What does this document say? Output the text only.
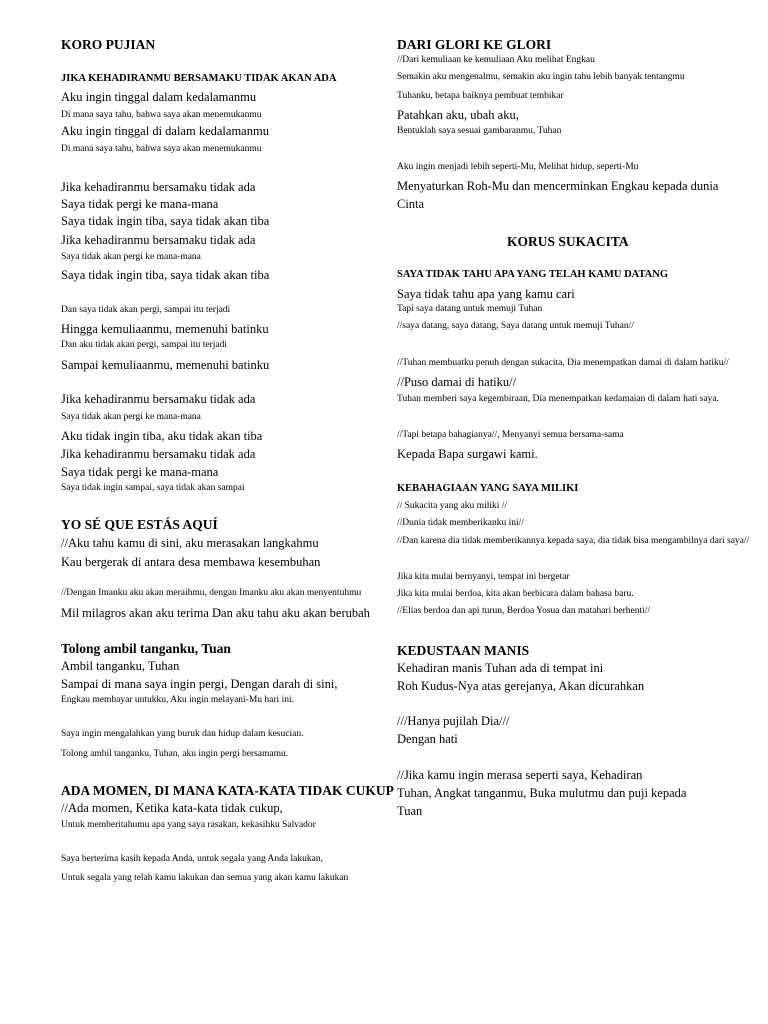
KORO PUJIAN
JIKA KEHADIRANMU BERSAMAKU TIDAK AKAN ADA
Aku ingin tinggal dalam kedalamanmu
Di mana saya tahu, bahwa saya akan menemukanmu
Aku ingin tinggal di dalam kedalamanmu
Di mana saya tahu, bahwa saya akan menemukanmu
Jika kehadiranmu bersamaku tidak ada
Saya tidak pergi ke mana-mana
Saya tidak ingin tiba, saya tidak akan tiba
Jika kehadiranmu bersamaku tidak ada
Saya tidak akan pergi ke mana-mana
Saya tidak ingin tiba, saya tidak akan tiba
Dan saya tidak akan pergi, sampai itu terjadi
Hingga kemuliaanmu, memenuhi batinku
Dan aku tidak akan pergi, sampai itu terjadi
Sampai kemuliaanmu, memenuhi batinku
Jika kehadiranmu bersamaku tidak ada
Saya tidak akan pergi ke mana-mana
Aku tidak ingin tiba, aku tidak akan tiba
Jika kehadiranmu bersamaku tidak ada
Saya tidak pergi ke mana-mana
Saya tidak ingin sampai, saya tidak akan sampai
YO SÉ QUE ESTÁS AQUÍ
//Aku tahu kamu di sini, aku merasakan langkahmu
Kau bergerak di antara desa membawa kesembuhan
//Dengan Imanku aku akan meraihmu, dengan Imanku aku akan menyentuhmu
Mil milagros akan aku terima Dan aku tahu aku akan berubah
Tolong ambil tanganku, Tuan
Ambil tanganku, Tuhan
Sampai di mana saya ingin pergi, Dengan darah di sini,
Engkau membayar untukku, Aku ingin melayani-Mu hari ini.
Saya ingin mengalahkan yang buruk dan hidup dalam kesucian.
Tolong ambil tanganku, Tuhan, aku ingin pergi bersamamu.
ADA MOMEN, DI MANA KATA-KATA TIDAK CUKUP
//Ada momen, Ketika kata-kata tidak cukup,
Untuk memberitahumu apa yang saya rasakan, kekasihku Salvador
Saya berterima kasih kepada Anda, untuk segala yang Anda lakukan,
Untuk segala yang telah kamu lakukan dan semua yang akan kamu lakukan
DARI GLORI KE GLORI
//Dari kemuliaan ke kemuliaan Aku melihat Engkau
Semakin aku mengenalmu, semakin aku ingin tahu lebih banyak tentangmu
Tuhanku, betapa baiknya pembuat tembikar
Patahkan aku, ubah aku,
Bentuklah saya sesuai gambaranmu, Tuhan
Aku ingin menjadi lebih seperti-Mu, Melihat hidup, seperti-Mu
Menyaturkan Roh-Mu dan mencerminkan Engkau kepada dunia
Cinta
KORUS SUKACITA
SAYA TIDAK TAHU APA YANG TELAH KAMU DATANG
Saya tidak tahu apa yang kamu cari
Tapi saya datang untuk memuji Tuhan
//saya datang, saya datang, Saya datang untuk memuji Tuhan//
//Tuhan membuatku penuh dengan sukacita, Dia menempatkan damai di dalam hatiku//
//Puso damai di hatiku//
Tuhan memberi saya kegembiraan, Dia menempatkan kedamaian di dalam hati saya.
//Tapi betapa bahagianya//, Menyanyi semua bersama-sama
Kepada Bapa surgawi kami.
KEBAHAGIAAN YANG SAYA MILIKI
// Sukacita yang aku miliki //
//Dunia tidak memberikanku ini//
//Dan karena dia tidak memberikannya kepada saya, dia tidak bisa mengambilnya dari saya//
Jika kita mulai bernyanyi, tempat ini bergetar
Jika kita mulai berdoa, kita akan berbicara dalam bahasa baru.
//Elias berdoa dan api turun, Berdoa Yosua dan matahari berhenti//
KEDUSTAAN MANIS
Kehadiran manis Tuhan ada di tempat ini
Roh Kudus-Nya atas gerejanya, Akan dicurahkan
///Hanya pujilah Dia///
Dengan hati
//Jika kamu ingin merasa seperti saya, Kehadiran
Tuhan, Angkat tanganmu, Buka mulutmu dan puji kepada
Tuan
